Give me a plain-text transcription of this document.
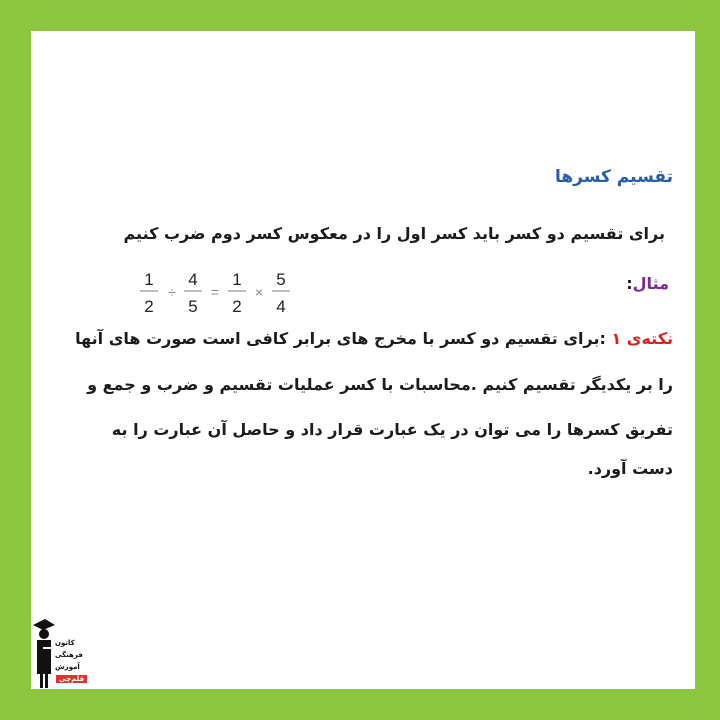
تقسیم کسرها
برای تقسیم دو کسر باید کسر اول را در معکوس کسر دوم ضرب کنیم
مثال:
1
2
÷
4
5
=
1
2
×
5
4
نکته‌ی ۱ :برای تقسیم دو کسر با مخرج های برابر کافی است صورت های آنها
را بر یکدیگر تقسیم کنیم .محاسبات با کسر عملیات تقسیم و ضرب و جمع و
تفریق کسرها را می توان در یک عبارت قرار داد و حاصل آن عبارت را به
دست آورد.
کانون
فرهنگی
آموزش
قلم‌چی
